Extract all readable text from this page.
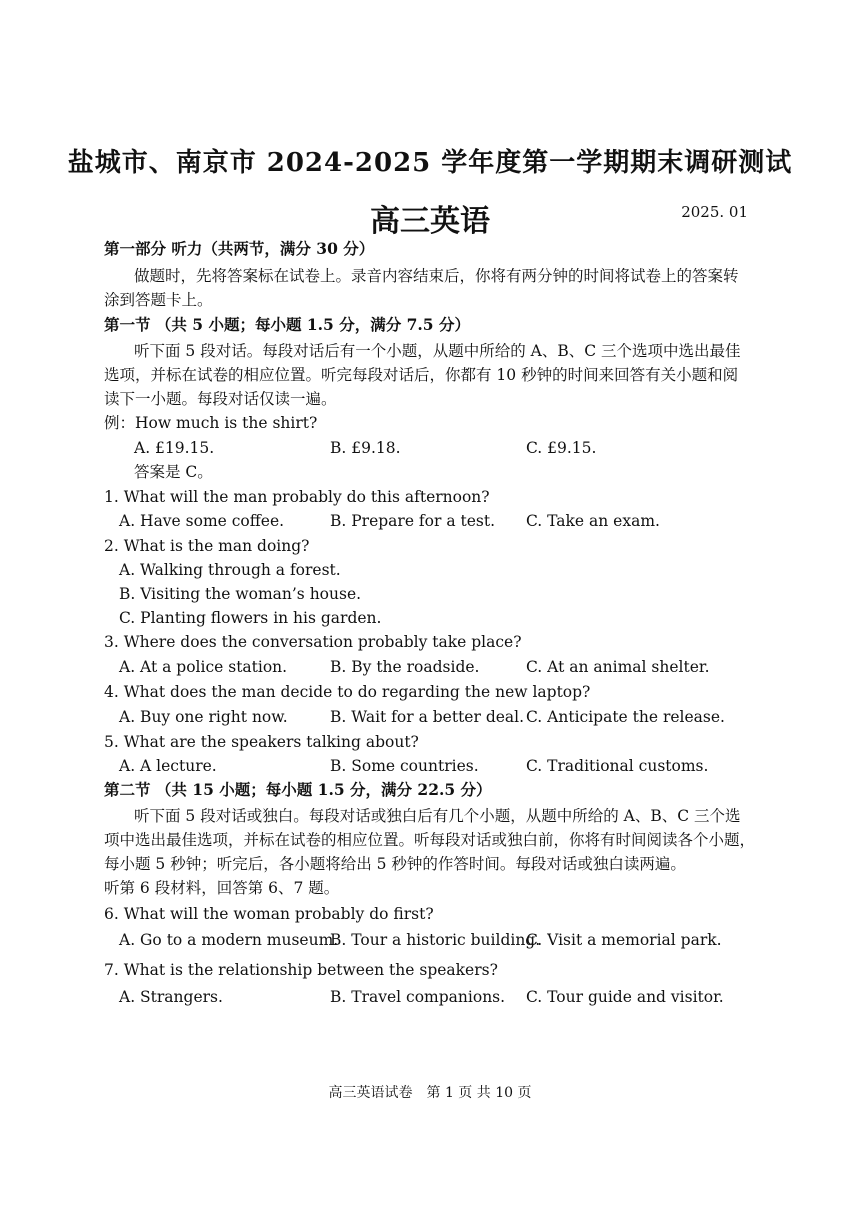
盐城市、南京市 2024-2025 学年度第一学期期末调研测试
高三英语	2025. 01
第一部分 听力（共两节，满分 30 分）
做题时，先将答案标在试卷上。录音内容结束后，你将有两分钟的时间将试卷上的答案转
涂到答题卡上。
第一节 （共 5 小题；每小题 1.5 分，满分 7.5 分）
听下面 5 段对话。每段对话后有一个小题，从题中所给的 A、B、C 三个选项中选出最佳
选项，并标在试卷的相应位置。听完每段对话后，你都有 10 秒钟的时间来回答有关小题和阅
读下一小题。每段对话仅读一遍。
例：How much is the shirt?
A. £19.15.	B. £9.18.	C. £9.15.
答案是 C。
1. What will the man probably do this afternoon?
A. Have some coffee.	B. Prepare for a test. C. Take an exam.
2. What is the man doing?
A. Walking through a forest.
B. Visiting the woman’s house.
C. Planting flowers in his garden.
3. Where does the conversation probably take place?
A. At a police station.	B. By the roadside.	C. At an animal shelter.
4. What does the man decide to do regarding the new laptop?
A. Buy one right now.	B. Wait for a better deal. C. Anticipate the release.
5. What are the speakers talking about?
A. A lecture.	B. Some countries.	C. Traditional customs.
第二节 （共 15 小题；每小题 1.5 分，满分 22.5 分）
听下面 5 段对话或独白。每段对话或独白后有几个小题，从题中所给的 A、B、C 三个选
项中选出最佳选项，并标在试卷的相应位置。听每段对话或独白前，你将有时间阅读各个小题，
每小题 5 秒钟；听完后，各小题将给出 5 秒钟的作答时间。每段对话或独白读两遍。
听第 6 段材料，回答第 6、7 题。
6. What will the woman probably do first?
A. Go to a modern museum.
B. Tour a historic building.
C. Visit a memorial park.
7. What is the relationship between the speakers?
A. Strangers.	B. Travel companions. C. Tour guide and visitor.
高三英语试卷　第 1 页 共 10 页
